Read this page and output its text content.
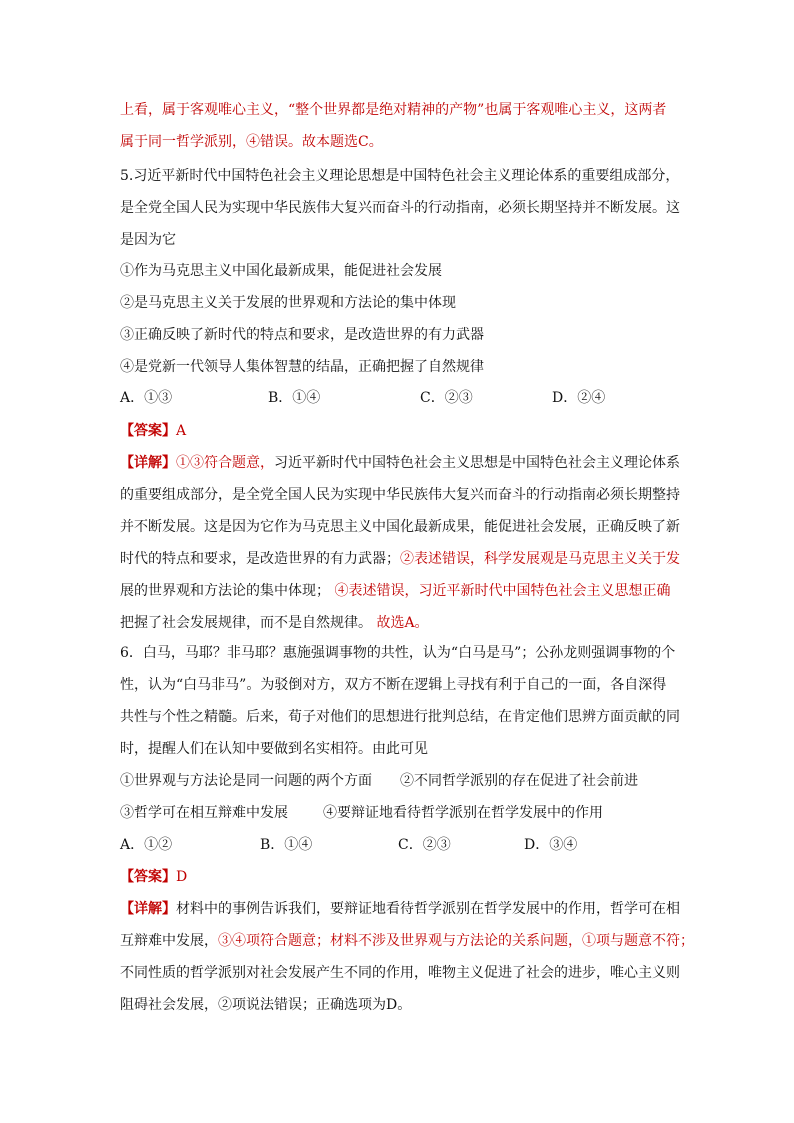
上看，属于客观唯心主义，“整个世界都是绝对精神的产物”也属于客观唯心主义，这两者
属于同一哲学派别，④错误。故本题选C。
5.习近平新时代中国特色社会主义理论思想是中国特色社会主义理论体系的重要组成部分，
是全党全国人民为实现中华民族伟大复兴而奋斗的行动指南，必须长期坚持并不断发展。这
是因为它
①作为马克思主义中国化最新成果，能促进社会发展
②是马克思主义关于发展的世界观和方法论的集中体现
③正确反映了新时代的特点和要求，是改造世界的有力武器
④是党新一代领导人集体智慧的结晶，正确把握了自然规律
A．①③	B．①④	C．②③	D．②④
【答案】A
【详解】①③符合题意，习近平新时代中国特色社会主义思想是中国特色社会主义理论体系
的重要组成部分，是全党全国人民为实现中华民族伟大复兴而奋斗的行动指南必须长期整持
并不断发展。这是因为它作为马克思主义中国化最新成果，能促进社会发展，正确反映了新
时代的特点和要求，是改造世界的有力武器；②表述错误，科学发展观是马克思主义关于发
展的世界观和方法论的集中体现； ④表述错误，习近平新时代中国特色社会主义思想正确
把握了社会发展规律，而不是自然规律。 故选A。
6．白马，马耶？非马耶？惠施强调事物的共性，认为“白马是马”；公孙龙则强调事物的个
性，认为“白马非马”。为驳倒对方，双方不断在逻辑上寻找有利于自己的一面，各自深得
共性与个性之精髓。后来，荀子对他们的思想进行批判总结，在肯定他们思辨方面贡献的同
时，提醒人们在认知中要做到名实相符。由此可见
①世界观与方法论是同一问题的两个方面 ②不同哲学派别的存在促进了社会前进
③哲学可在相互辩难中发展	④要辩证地看待哲学派别在哲学发展中的作用
A．①②	B．①④	C．②③	D．③④
【答案】D
【详解】材料中的事例告诉我们，要辩证地看待哲学派别在哲学发展中的作用，哲学可在相
互辩难中发展，③④项符合题意；材料不涉及世界观与方法论的关系问题，①项与题意不符；
不同性质的哲学派别对社会发展产生不同的作用，唯物主义促进了社会的进步，唯心主义则
阻碍社会发展，②项说法错误；正确选项为D。
